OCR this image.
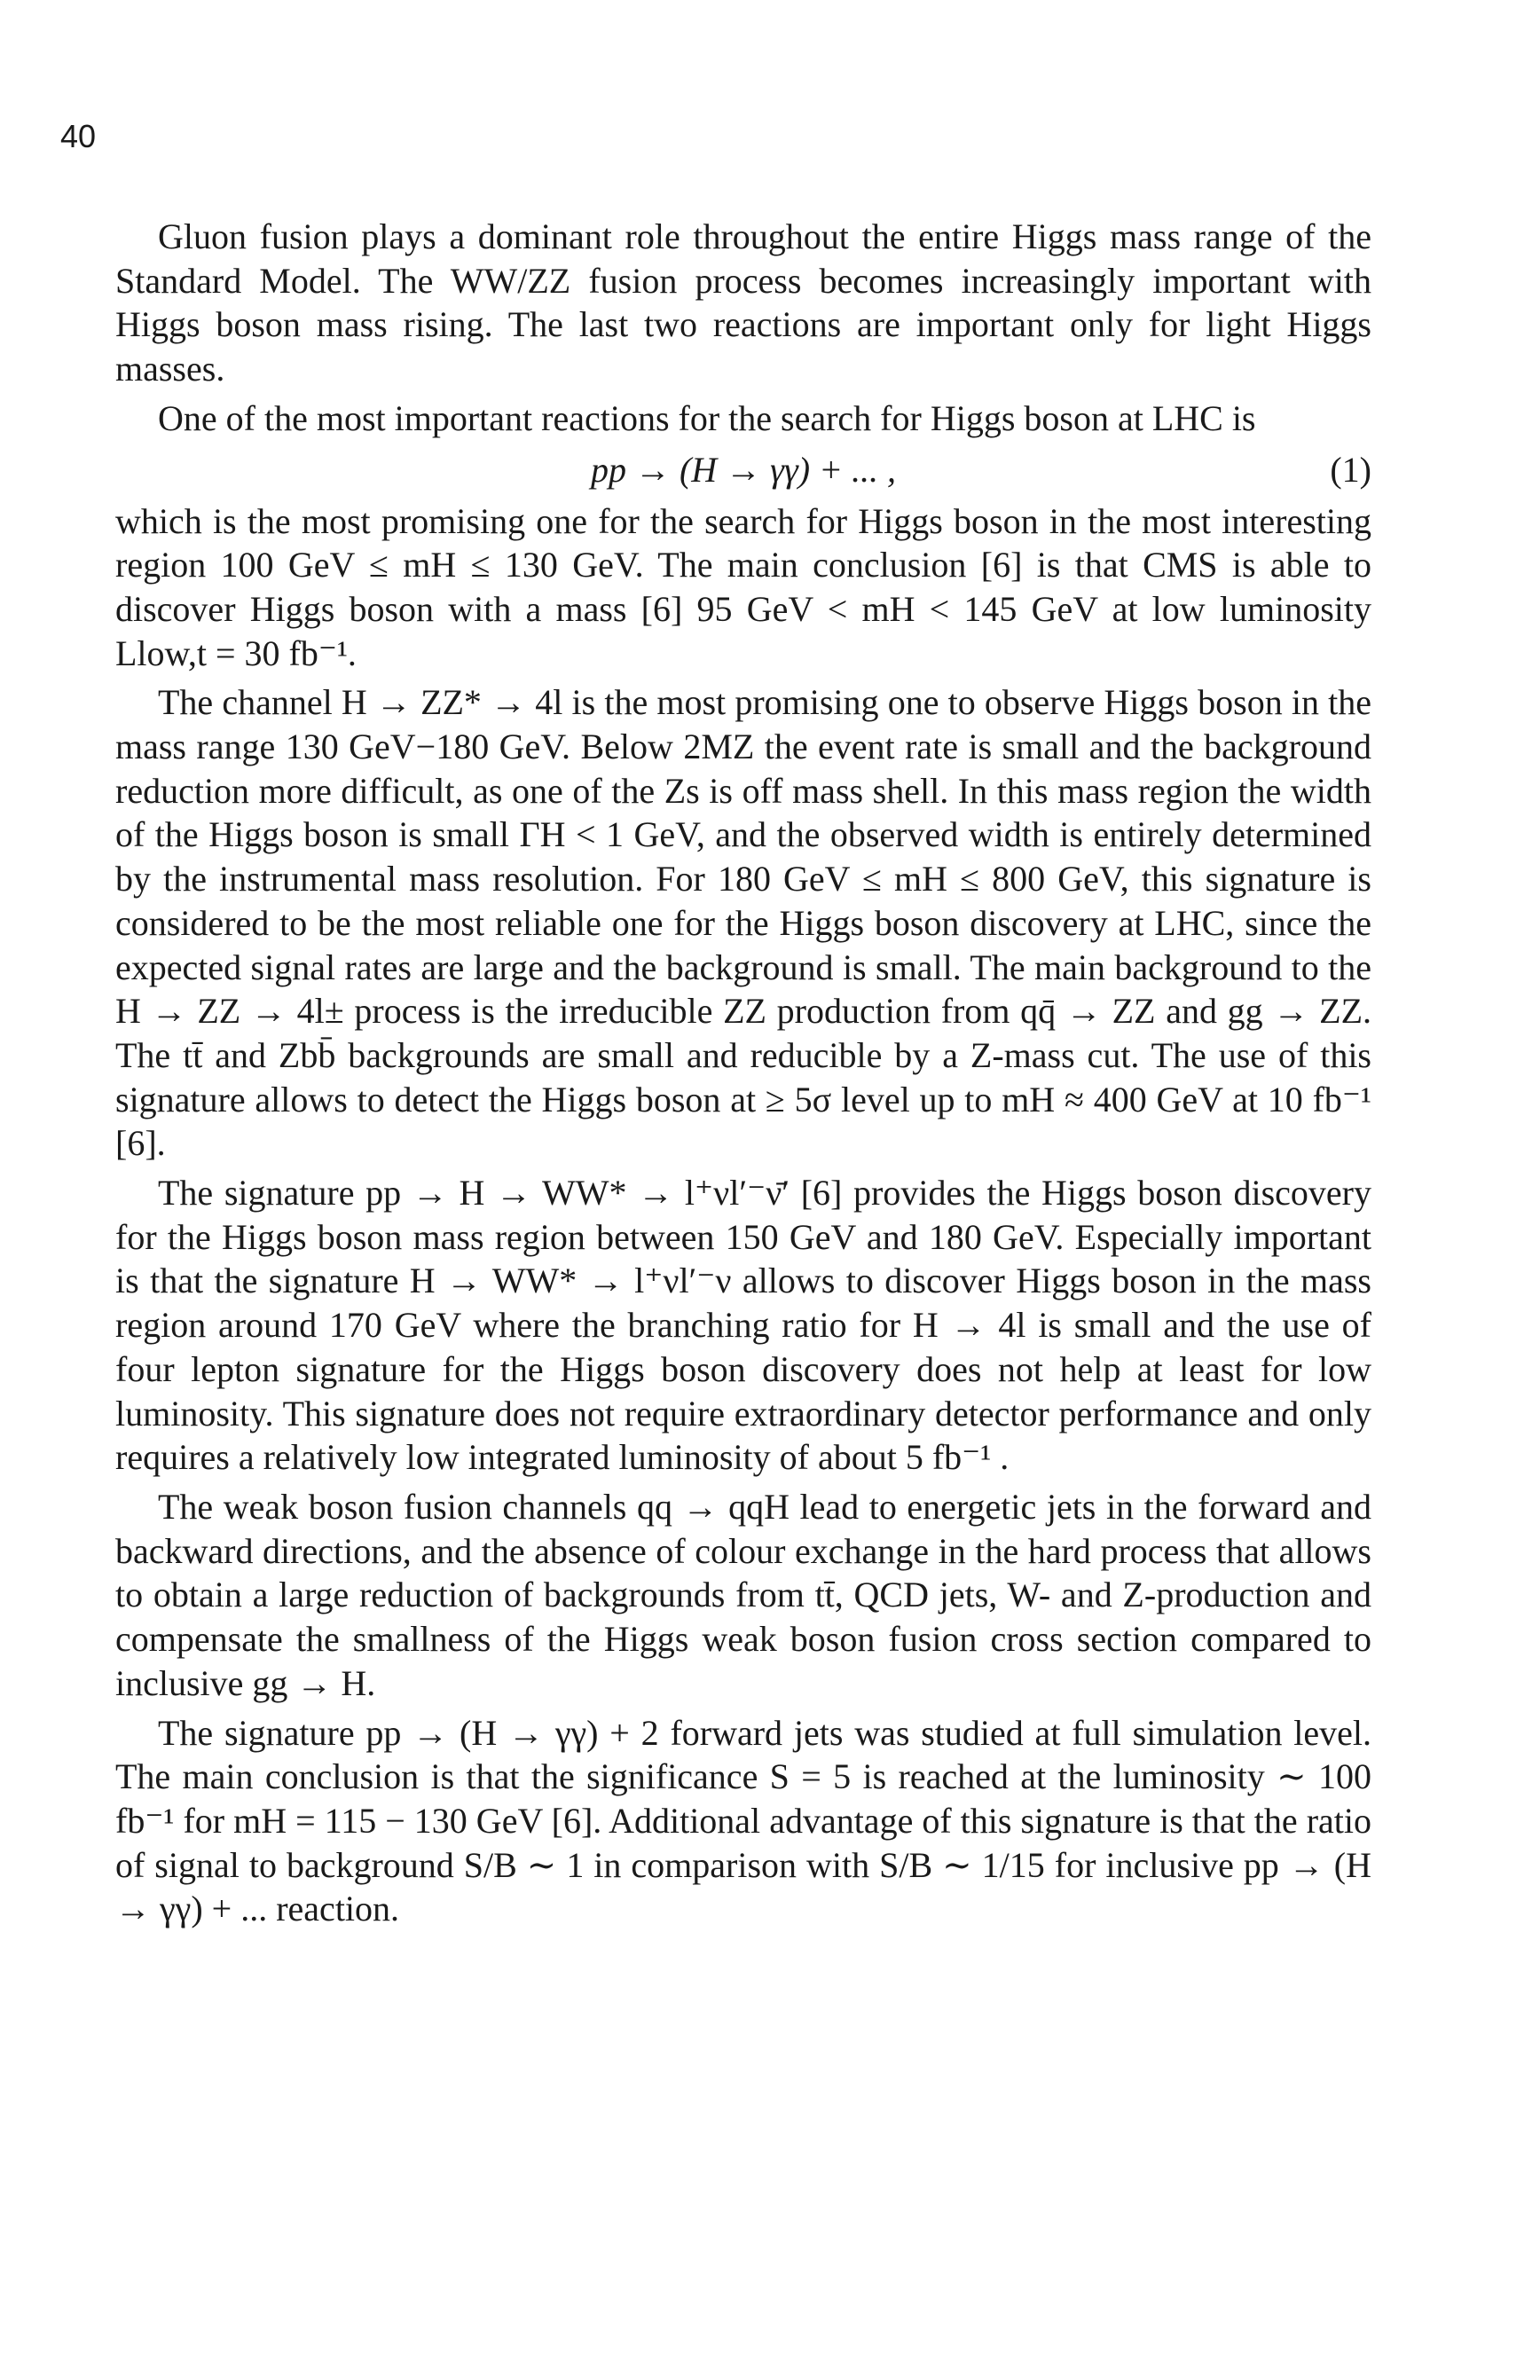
40

Gluon fusion plays a dominant role throughout the entire Higgs mass range of the Standard Model. The WW/ZZ fusion process becomes increasingly important with Higgs boson mass rising. The last two reactions are important only for light Higgs masses.

One of the most important reactions for the search for Higgs boson at LHC is

pp → (H → γγ) + ... ,	(1)

which is the most promising one for the search for Higgs boson in the most interesting region 100 GeV ≤ mH ≤ 130 GeV. The main conclusion [6] is that CMS is able to discover Higgs boson with a mass [6] 95 GeV < mH < 145 GeV at low luminosity Llow,t = 30 fb⁻¹.

The channel H → ZZ* → 4l is the most promising one to observe Higgs boson in the mass range 130 GeV−180 GeV. Below 2MZ the event rate is small and the background reduction more difficult, as one of the Zs is off mass shell. In this mass region the width of the Higgs boson is small ΓH < 1 GeV, and the observed width is entirely determined by the instrumental mass resolution. For 180 GeV ≤ mH ≤ 800 GeV, this signature is considered to be the most reliable one for the Higgs boson discovery at LHC, since the expected signal rates are large and the background is small. The main background to the H → ZZ → 4l± process is the irreducible ZZ production from qq̄ → ZZ and gg → ZZ. The tt̄ and Zbb̄ backgrounds are small and reducible by a Z-mass cut. The use of this signature allows to detect the Higgs boson at ≥ 5σ level up to mH ≈ 400 GeV at 10 fb⁻¹ [6].

The signature pp → H → WW* → l⁺νl′⁻ν̄′ [6] provides the Higgs boson discovery for the Higgs boson mass region between 150 GeV and 180 GeV. Especially important is that the signature H → WW* → l⁺νl′⁻ν allows to discover Higgs boson in the mass region around 170 GeV where the branching ratio for H → 4l is small and the use of four lepton signature for the Higgs boson discovery does not help at least for low luminosity. This signature does not require extraordinary detector performance and only requires a relatively low integrated luminosity of about 5 fb⁻¹ .

The weak boson fusion channels qq → qqH lead to energetic jets in the forward and backward directions, and the absence of colour exchange in the hard process that allows to obtain a large reduction of backgrounds from tt̄, QCD jets, W- and Z-production and compensate the smallness of the Higgs weak boson fusion cross section compared to inclusive gg → H.

The signature pp → (H → γγ) + 2 forward jets was studied at full simulation level. The main conclusion is that the significance S = 5 is reached at the luminosity ∼ 100 fb⁻¹ for mH = 115 − 130 GeV [6]. Additional advantage of this signature is that the ratio of signal to background S/B ∼ 1 in comparison with S/B ∼ 1/15 for inclusive pp → (H → γγ) + ... reaction.
